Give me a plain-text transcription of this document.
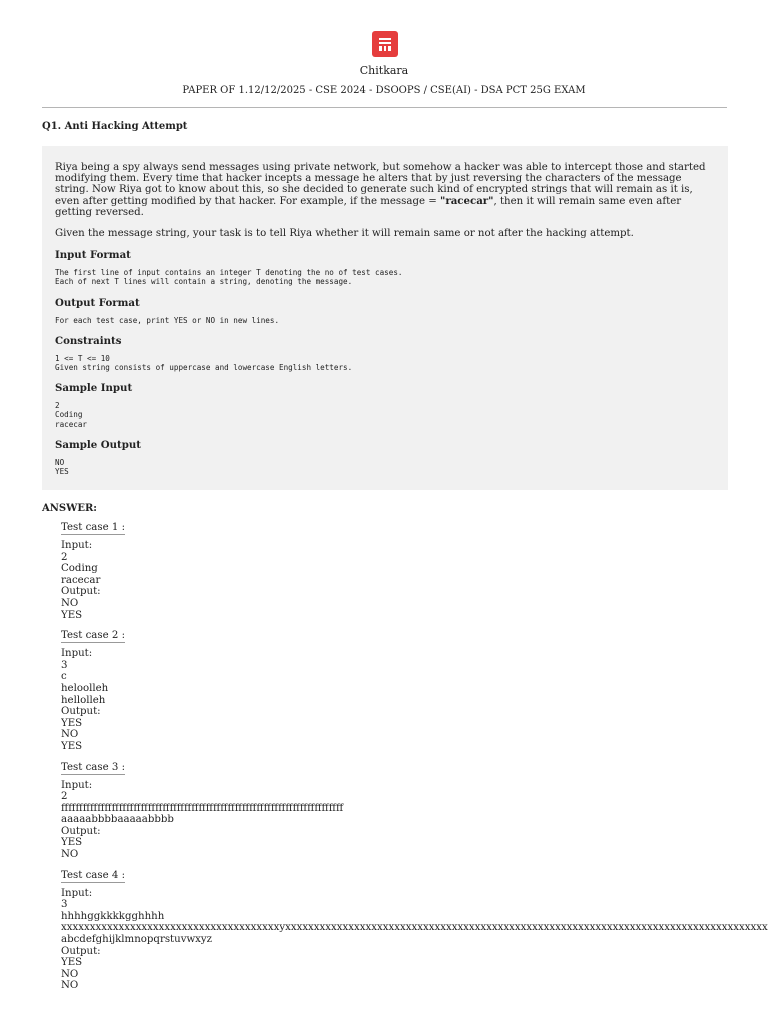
Chitkara
PAPER OF 1.12/12/2025 - CSE 2024 - DSOOPS / CSE(AI) - DSA PCT 25G EXAM
Q1. Anti Hacking Attempt

Riya being a spy always send messages using private network, but somehow a hacker was able to intercept those and started modifying them. Every time that hacker incepts a message he alters that by just reversing the characters of the message string. Now Riya got to know about this, so she decided to generate such kind of encrypted strings that will remain as it is, even after getting modified by that hacker. For example, if the message = "racecar", then it will remain same even after getting reversed.

Given the message string, your task is to tell Riya whether it will remain same or not after the hacking attempt.

Input Format
The first line of input contains an integer T denoting the no of test cases.
Each of next T lines will contain a string, denoting the message.
Output Format
For each test case, print YES or NO in new lines.
Constraints
1 <= T <= 10
Given string consists of uppercase and lowercase English letters.
Sample Input
2
Coding
racecar
Sample Output
NO
YES
ANSWER:
Test case 1 :
Input:
2
Coding
racecar
Output:
NO
YES
Test case 2 :
Input:
3
c
heloolleh
hellolleh
Output:
YES
NO
YES
Test case 3 :
Input:
2
ffffffffffffffffffffffffffffffffffffffffffffffffffffffffffffffffffffffffffffff
aaaaabbbbaaaaabbbb
Output:
YES
NO
Test case 4 :
Input:
3
hhhhggkkkkgghhhh
xxxxxxxxxxxxxxxxxxxxxxxxxxxxxxxxxxxxxxyxxxxxxxxxxxxxxxxxxxxxxxxxxxxxxxxxxxxxxxxxxxxxxxxxxxxxxxxxxxxxxxxxxxxxxxxxxxxxxxxxxxx
abcdefghijklmnopqrstuvwxyz
Output:
YES
NO
NO
